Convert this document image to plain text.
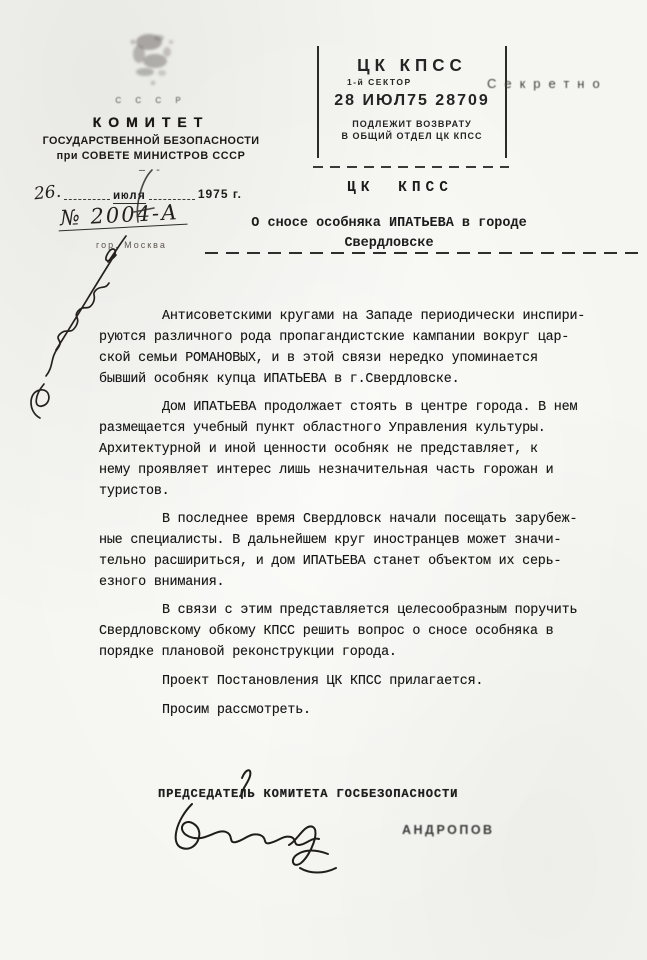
С С С Р
КОМИТЕТ
ГОСУДАРСТВЕННОЙ БЕЗОПАСНОСТИ
при СОВЕТЕ МИНИСТРОВ СССР
— -
26.	июля	1975 г.
№ 2004-А
гор. Москва
ЦК КПСС
1-й СЕКТОР
28 ИЮЛ75 28709
ПОДЛЕЖИТ ВОЗВРАТУ
В ОБЩИЙ ОТДЕЛ ЦК КПСС
Секретно
ЦК КПСС
О сносе особняка ИПАТЬЕВА в городе
Свердловске
Антисоветскими кругами на Западе периодически инспири-
руются различного рода пропагандистские кампании вокруг цар-
ской семьи РОМАНОВЫХ, и в этой связи нередко упоминается
бывший особняк купца ИПАТЬЕВА в г.Свердловске.
Дом ИПАТЬЕВА продолжает стоять в центре города. В нем
размещается учебный пункт областного Управления культуры.
Архитектурной и иной ценности особняк не представляет, к
нему проявляет интерес лишь незначительная часть горожан и
туристов.
В последнее время Свердловск начали посещать зарубеж-
ные специалисты. В дальнейшем круг иностранцев может значи-
тельно расшириться, и дом ИПАТЬЕВА станет объектом их серь-
езного внимания.
В связи с этим представляется целесообразным поручить
Свердловскому обкому КПСС решить вопрос о сносе особняка в
порядке плановой реконструкции города.
Проект Постановления ЦК КПСС прилагается.
Просим рассмотреть.
ПРЕДСЕДАТЕЛЬ КОМИТЕТА ГОСБЕЗОПАСНОСТИ
АНДРОПОВ
